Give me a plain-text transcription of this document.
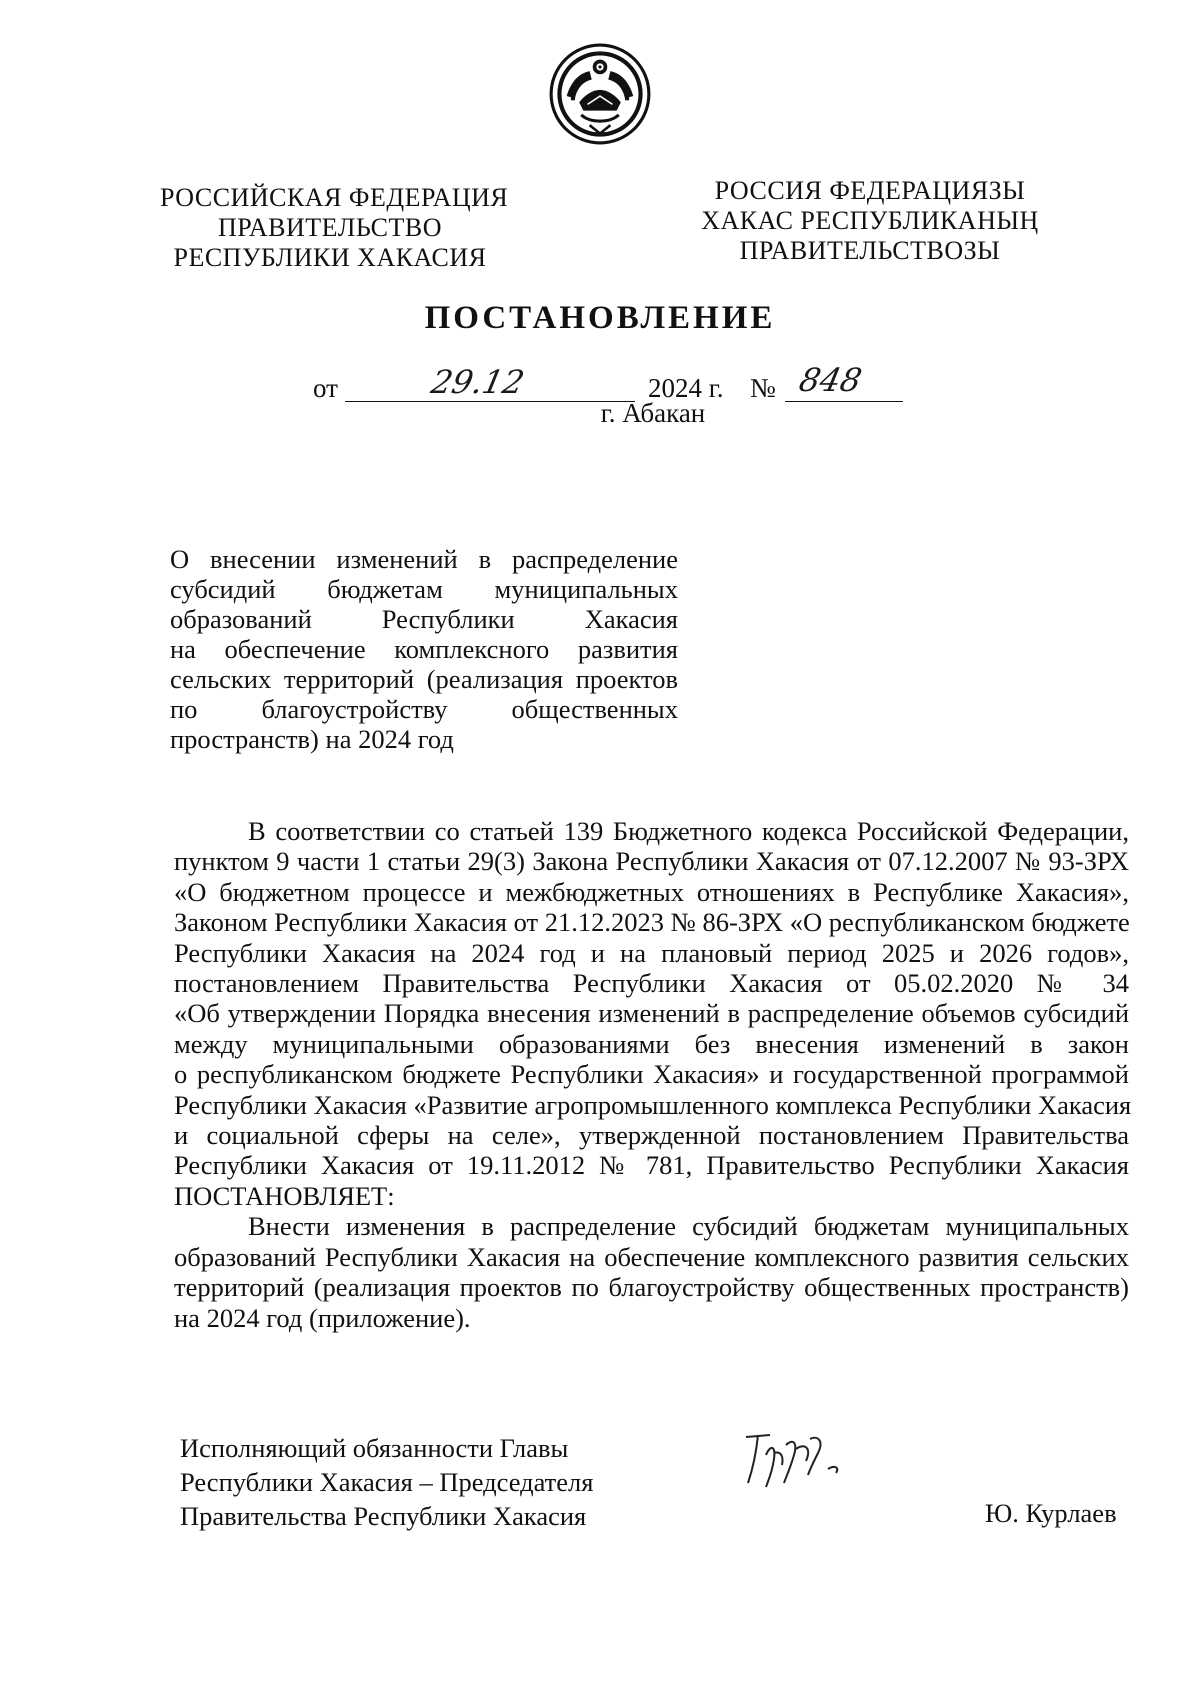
РОССИЙСКАЯ ФЕДЕРАЦИЯ
ПРАВИТЕЛЬСТВО
РЕСПУБЛИКИ ХАКАСИЯ
РОССИЯ ФЕДЕРАЦИЯЗЫ
ХАКАС РЕСПУБЛИКАНЫҢ
ПРАВИТЕЛЬСТВОЗЫ
ПОСТАНОВЛЕНИЕ
от	29.12	2024 г. № 848
г. Абакан
О внесении изменений в распределение
субсидий бюджетам муниципальных
образований Республики Хакасия
на обеспечение комплексного развития
сельских территорий (реализация проектов
по благоустройству общественных
пространств) на 2024 год
В соответствии со статьей 139 Бюджетного кодекса Российской Федерации,
пунктом 9 части 1 статьи 29(3) Закона Республики Хакасия от 07.12.2007 № 93-ЗРХ
«О бюджетном процессе и межбюджетных отношениях в Республике Хакасия»,
Законом Республики Хакасия от 21.12.2023 № 86-ЗРХ «О республиканском бюджете
Республики Хакасия на 2024 год и на плановый период 2025 и 2026 годов»,
постановлением Правительства Республики Хакасия от 05.02.2020 № 34
«Об утверждении Порядка внесения изменений в распределение объемов субсидий
между муниципальными образованиями без внесения изменений в закон
о республиканском бюджете Республики Хакасия» и государственной программой
Республики Хакасия «Развитие агропромышленного комплекса Республики Хакасия
и социальной сферы на селе», утвержденной постановлением Правительства
Республики Хакасия от 19.11.2012 № 781, Правительство Республики Хакасия
ПОСТАНОВЛЯЕТ:
Внести изменения в распределение субсидий бюджетам муниципальных
образований Республики Хакасия на обеспечение комплексного развития сельских
территорий (реализация проектов по благоустройству общественных пространств)
на 2024 год (приложение).
Исполняющий обязанности Главы
Республики Хакасия – Председателя
Правительства Республики Хакасия	Ю. Курлаев
